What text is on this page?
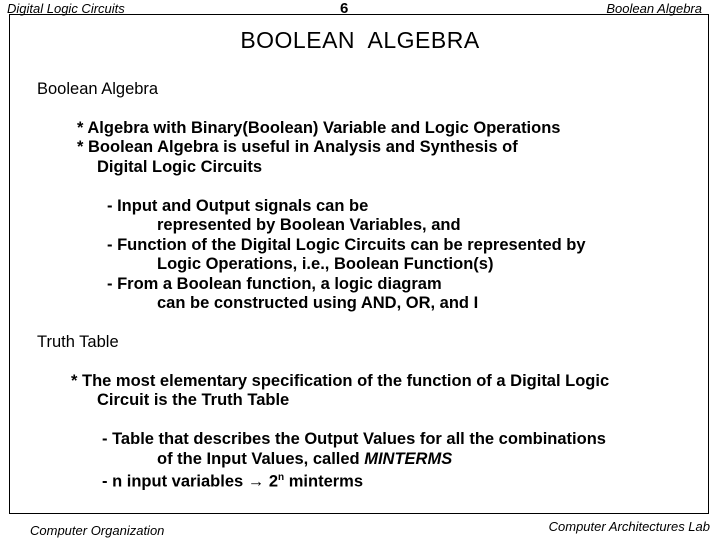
Digital Logic Circuits	6	Boolean Algebra
BOOLEAN  ALGEBRA
Boolean Algebra
* Algebra with Binary(Boolean) Variable and Logic Operations
* Boolean Algebra is useful in Analysis and Synthesis of
Digital Logic Circuits
- Input and Output signals can be
represented by Boolean Variables, and
- Function of the Digital Logic Circuits can be represented by
Logic Operations, i.e., Boolean Function(s)
- From a Boolean function, a logic diagram
can be constructed using AND, OR, and I
Truth Table
* The most elementary specification of the function of a Digital Logic
Circuit is the Truth Table
- Table that describes the Output Values for all the combinations
of the Input Values, called MINTERMS
- n input variables → $2^n$ minterms
Computer Organization	Computer Architectures Lab
